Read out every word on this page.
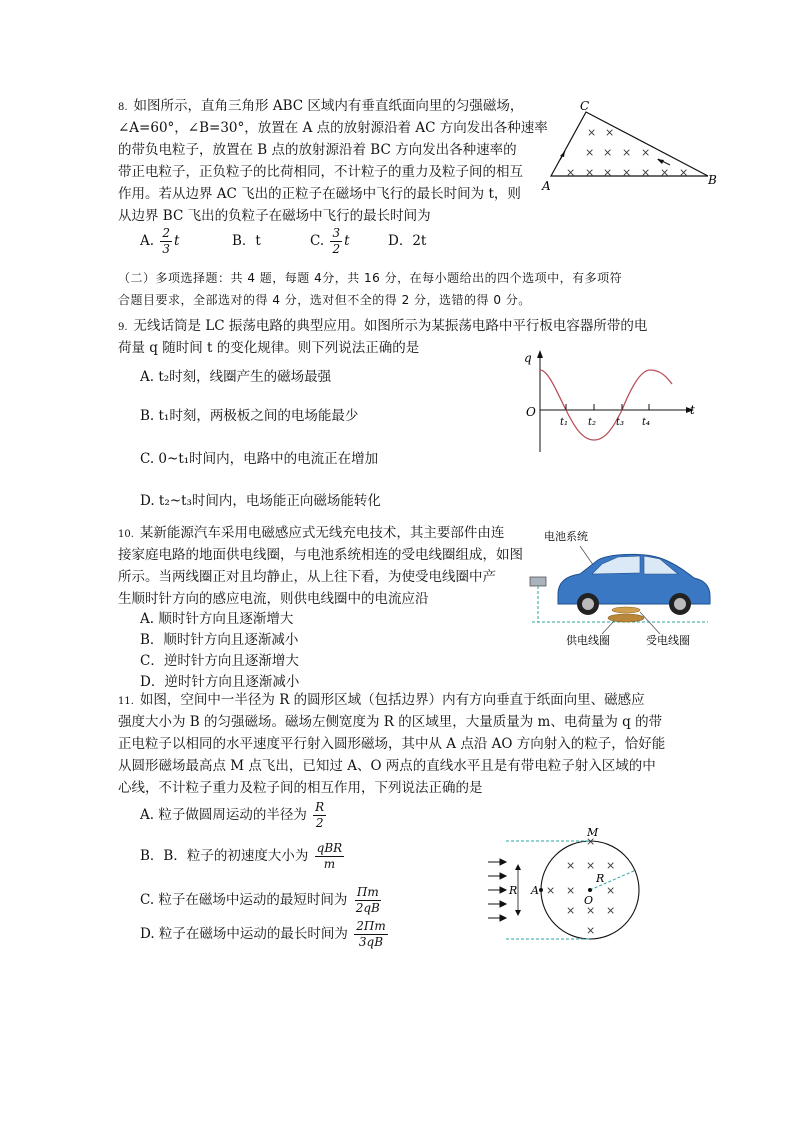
8. 如图所示，直角三角形 ABC 区域内有垂直纸面向里的匀强磁场，
∠A=60°，∠B=30°，放置在 A 点的放射源沿着 AC 方向发出各种速率
的带负电粒子，放置在 B 点的放射源沿着 BC 方向发出各种速率的
带正电粒子，正负粒子的比荷相同，不计粒子的重力及粒子间的相互
作用。若从边界 AC 飞出的正粒子在磁场中飞行的最长时间为 t，则
从边界 BC 飞出的负粒子在磁场中飞行的最长时间为
A. $\frac{2}{3}$ t	B．t	C. $\frac{3}{2}$ t	D．2t
C
A	B
× ×
× × × ×
× × × × × × ×
（二）多项选择题：共 4 题，每题 4分，共 16 分，在每小题给出的四个选项中，有多项符
合题目要求，全部选对的得 4 分，选对但不全的得 2 分，选错的得 0 分。
9. 无线话筒是 LC 振荡电路的典型应用。如图所示为某振荡电路中平行板电容器所带的电
荷量 q 随时间 t 的变化规律。则下列说法正确的是
A. t₂时刻，线圈产生的磁场最强
B. t₁时刻，两极板之间的电场能最少
C. 0~t₁时间内，电路中的电流正在增加
D. t₂~t₃时间内，电场能正向磁场能转化
q
O	t
t₁ t₂ t₃ t₄
10. 某新能源汽车采用电磁感应式无线充电技术，其主要部件由连
接家庭电路的地面供电线圈，与电池系统相连的受电线圈组成，如图
所示。当两线圈正对且均静止，从上往下看，为使受电线圈中产
生顺时针方向的感应电流，则供电线圈中的电流应沿
A. 顺时针方向且逐渐增大
B．顺时针方向且逐渐减小
C．逆时针方向且逐渐增大
D．逆时针方向且逐渐减小
电池系统
供电线圈	受电线圈
11. 如图，空间中一半径为 R 的圆形区域（包括边界）内有方向垂直于纸面向里、磁感应
强度大小为 B 的匀强磁场。磁场左侧宽度为 R 的区域里，大量质量为 m、电荷量为 q 的带
正电粒子以相同的水平速度平行射入圆形磁场，其中从 A 点沿 AO 方向射入的粒子，恰好能
从圆形磁场最高点 M 点飞出，已知过 A、O 两点的直线水平且是有带电粒子射入区域的中
心线，不计粒子重力及粒子间的相互作用，下列说法正确的是
A. 粒子做圆周运动的半径为 $\frac{R}{2}$
B．B．粒子的初速度大小为 $\frac{\text{qBR}}{m}$
C. 粒子在磁场中运动的最短时间为 $\frac{\Pi m}{2qB}$
D. 粒子在磁场中运动的最长时间为 $\frac{2\Pi m}{3qB}$
R A
O
R
M
×
× × ×
× ×	×
× × ×
×
